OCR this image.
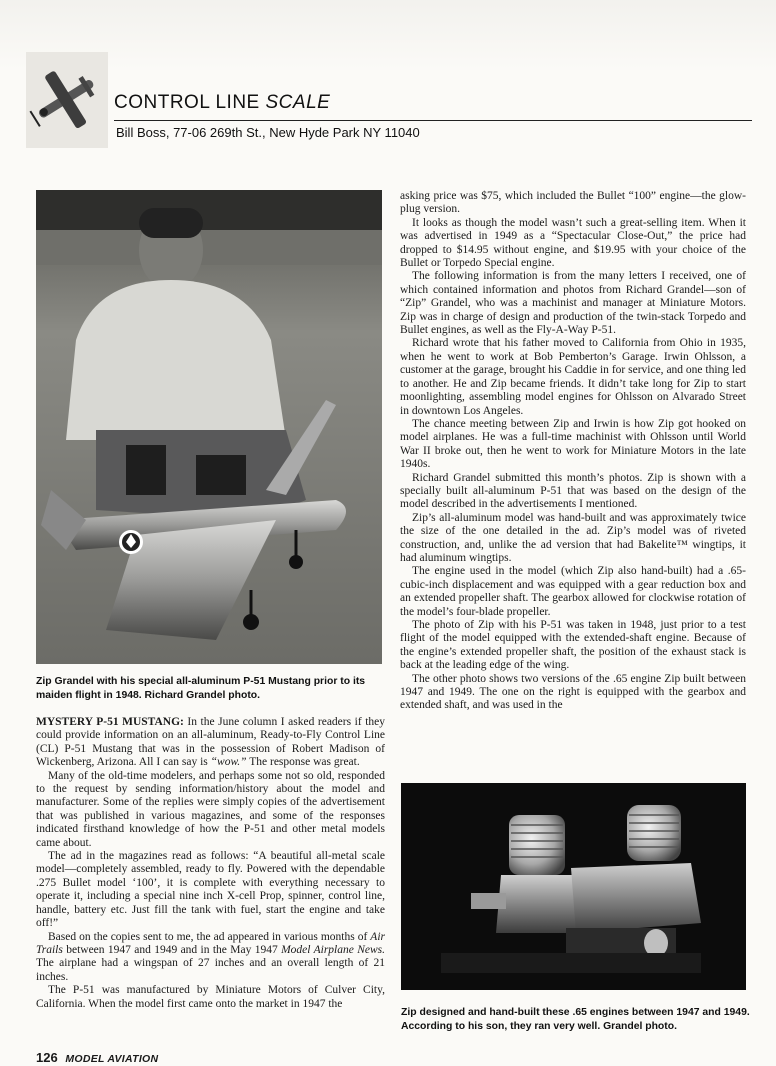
CONTROL LINE SCALE
Bill Boss, 77-06 269th St., New Hyde Park NY 11040
Zip Grandel with his special all-aluminum P-51 Mustang prior to its maiden flight in 1948. Richard Grandel photo.

MYSTERY P-51 MUSTANG: In the June column I asked readers if they could provide information on an all-aluminum, Ready-to-Fly Control Line (CL) P-51 Mustang that was in the possession of Robert Madison of Wickenberg, Arizona. All I can say is “wow.” The response was great.

Many of the old-time modelers, and perhaps some not so old, responded to the request by sending information/history about the model and manufacturer. Some of the replies were simply copies of the advertisement that was published in various magazines, and some of the responses indicated firsthand knowledge of how the P-51 and other metal models came about.

The ad in the magazines read as follows: “A beautiful all-metal scale model—completely assembled, ready to fly. Powered with the dependable .275 Bullet model ‘100’, it is complete with everything necessary to operate it, including a special nine inch X-cell Prop, spinner, control line, handle, battery etc. Just fill the tank with fuel, start the engine and take off!”

Based on the copies sent to me, the ad appeared in various months of Air Trails between 1947 and 1949 and in the May 1947 Model Airplane News. The airplane had a wingspan of 27 inches and an overall length of 21 inches.

The P-51 was manufactured by Miniature Motors of Culver City, California. When the model first came onto the market in 1947 the

asking price was $75, which included the Bullet “100” engine—the glow-plug version.

It looks as though the model wasn’t such a great-selling item. When it was advertised in 1949 as a “Spectacular Close-Out,” the price had dropped to $14.95 without engine, and $19.95 with your choice of the Bullet or Torpedo Special engine.

The following information is from the many letters I received, one of which contained information and photos from Richard Grandel—son of “Zip” Grandel, who was a machinist and manager at Miniature Motors. Zip was in charge of design and production of the twin-stack Torpedo and Bullet engines, as well as the Fly-A-Way P-51.

Richard wrote that his father moved to California from Ohio in 1935, when he went to work at Bob Pemberton’s Garage. Irwin Ohlsson, a customer at the garage, brought his Caddie in for service, and one thing led to another. He and Zip became friends. It didn’t take long for Zip to start moonlighting, assembling model engines for Ohlsson on Alvarado Street in downtown Los Angeles.

The chance meeting between Zip and Irwin is how Zip got hooked on model airplanes. He was a full-time machinist with Ohlsson until World War II broke out, then he went to work for Miniature Motors in the late 1940s.

Richard Grandel submitted this month’s photos. Zip is shown with a specially built all-aluminum P-51 that was based on the design of the model described in the advertisements I mentioned.

Zip’s all-aluminum model was hand-built and was approximately twice the size of the one detailed in the ad. Zip’s model was of riveted construction, and, unlike the ad version that had Bakelite™ wingtips, it had aluminum wingtips.

The engine used in the model (which Zip also hand-built) had a .65-cubic-inch displacement and was equipped with a gear reduction box and an extended propeller shaft. The gearbox allowed for clockwise rotation of the model’s four-blade propeller.

The photo of Zip with his P-51 was taken in 1948, just prior to a test flight of the model equipped with the extended-shaft engine. Because of the engine’s extended propeller shaft, the position of the exhaust stack is back at the leading edge of the wing.

The other photo shows two versions of the .65 engine Zip built between 1947 and 1949. The one on the right is equipped with the gearbox and extended shaft, and was used in the

Zip designed and hand-built these .65 engines between 1947 and 1949. According to his son, they ran very well. Grandel photo.
126 MODEL AVIATION
